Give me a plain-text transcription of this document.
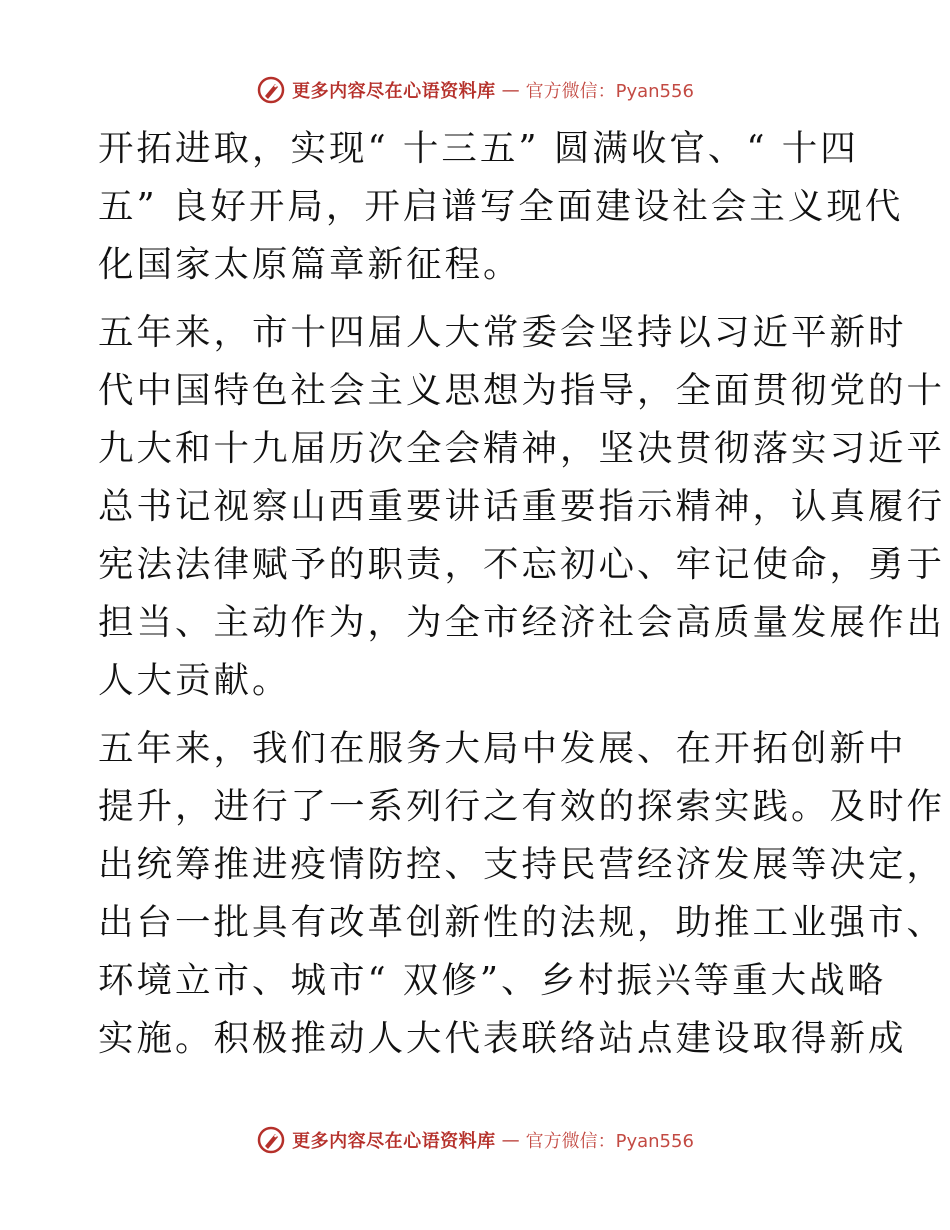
更多内容尽在心语资料库 — 官方微信：Pyan556
开拓进取，实现“ 十三五” 圆满收官、“ 十四
五” 良好开局，开启谱写全面建设社会主义现代
化国家太原篇章新征程。
五年来，市十四届人大常委会坚持以习近平新时
代中国特色社会主义思想为指导，全面贯彻党的十
九大和十九届历次全会精神，坚决贯彻落实习近平
总书记视察山西重要讲话重要指示精神，认真履行
宪法法律赋予的职责，不忘初心、牢记使命，勇于
担当、主动作为，为全市经济社会高质量发展作出
人大贡献。
五年来，我们在服务大局中发展、在开拓创新中
提升，进行了一系列行之有效的探索实践。及时作
出统筹推进疫情防控、支持民营经济发展等决定，
出台一批具有改革创新性的法规，助推工业强市、
环境立市、城市“ 双修”、乡村振兴等重大战略
实施。积极推动人大代表联络站点建设取得新成
更多内容尽在心语资料库 — 官方微信：Pyan556
